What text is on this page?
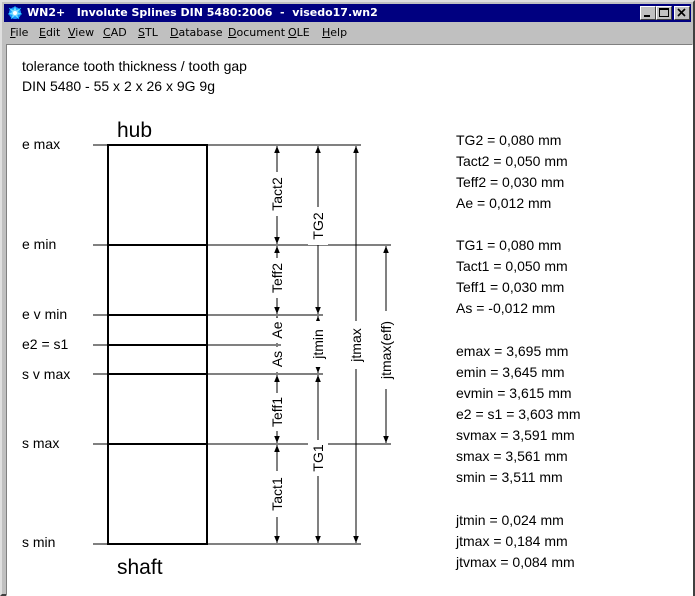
WN2+   Involute Splines DIN 5480:2006  -  visedo17.wn2
File Edit View CAD STL Database Document OLE Help
tolerance tooth thickness / tooth gap
DIN 5480 - 55 x 2 x 26 x 9G 9g
hub
shaft
e max
e min
e v min
e2 = s1
s v max
s max
s min
Tact2
Teff2
Ae
As
Teff1
Tact1
TG2
jtmin
TG1
jtmax jtmax(eff)
TG2 = 0,080 mm
Tact2 = 0,050 mm
Teff2 = 0,030 mm
Ae = 0,012 mm
TG1 = 0,080 mm
Tact1 = 0,050 mm
Teff1 = 0,030 mm
As = -0,012 mm
emax = 3,695 mm
emin = 3,645 mm
evmin = 3,615 mm
e2 = s1 = 3,603 mm
svmax = 3,591 mm
smax = 3,561 mm
smin = 3,511 mm
jtmin = 0,024 mm
jtmax = 0,184 mm
jtvmax = 0,084 mm
